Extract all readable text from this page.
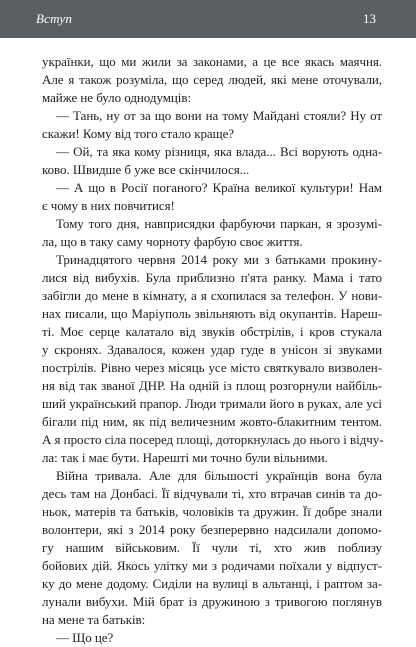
Вступ	13
українки, що ми жили за законами, а це все якась маячня.
Але я також розуміла, що серед людей, які мене оточували,
майже не було однодумців:
— Тань, ну от за що вони на тому Майдані стояли? Ну от
скажи! Кому від того стало краще?
— Ой, та яка кому різниця, яка влада... Всі ворують одна-
ково. Швидше б уже все скінчилося...
— А що в Росії поганого? Країна великої культури! Нам
є чому в них повчитися!
Тому того дня, навприсядки фарбуючи паркан, я зрозумі-
ла, що в таку саму чорноту фарбую своє життя.
Тринадцятого червня 2014 року ми з батьками прокину-
лися від вибухів. Була приблизно п'ята ранку. Мама і тато
забігли до мене в кімнату, а я схопилася за телефон. У нови-
нах писали, що Маріуполь звільняють від окупантів. Нареш-
ті. Моє серце калатало від звуків обстрілів, і кров стукала
у скронях. Здавалося, кожен удар гуде в унісон зі звуками
пострілів. Рівно через місяць усе місто святкувало визволен-
ня від так званої ДНР. На одній із площ розгорнули найбіль-
ший український прапор. Люди тримали його в руках, але усі
бігали під ним, як під величезним жовто-блакитним тентом.
А я просто сіла посеред площі, доторкнулась до нього і відчу-
ла: так і має бути. Нарешті ми точно були вільними.
Війна тривала. Але для більшості українців вона була
десь там на Донбасі. Її відчували ті, хто втрачав синів та до-
ньок, матерів та батьків, чоловіків та дружин. Її добре знали
волонтери, які з 2014 року безперервно надсилали допомо-
гу нашим військовим. Її чули ті, хто жив поблизу
бойових дій. Якось улітку ми з родичами поїхали у відпуст-
ку до мене додому. Сиділи на вулиці в альтанці, і раптом за-
лунали вибухи. Мій брат із дружиною з тривогою поглянув
на мене та батьків:
— Що це?
